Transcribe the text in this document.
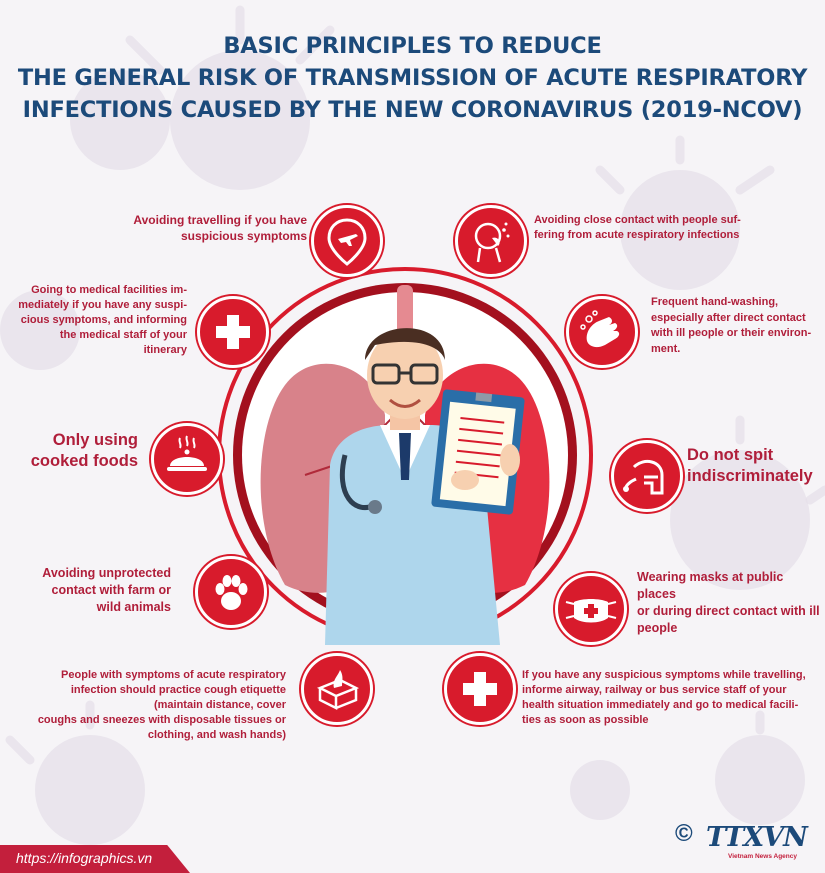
BASIC PRINCIPLES TO REDUCE
THE GENERAL RISK OF TRANSMISSION OF ACUTE RESPIRATORY
INFECTIONS CAUSED BY THE NEW CORONAVIRUS (2019-NCOV)
Avoiding travelling if you have
suspicious symptoms
Going to medical facilities im-
mediately if you have any suspi-
cious symptoms, and informing
the medical staff of your
itinerary
Only using
cooked foods
Avoiding unprotected
contact with farm or
wild animals
People with symptoms of acute respiratory
infection should practice cough etiquette
(maintain distance, cover
coughs and sneezes with disposable tissues or
clothing, and wash hands)
Avoiding close contact with people suf-
fering from acute respiratory infections
Frequent hand-washing,
especially after direct contact
with ill people or their environ-
ment.
Do not spit
indiscriminately
Wearing masks at public places
or during direct contact with ill
people
If you have any suspicious symptoms while travelling,
informe airway, railway or bus service staff of your
health situation immediately and go to medical facili-
ties as soon as possible
https://infographics.vn
© TTXVN
Vietnam News Agency
